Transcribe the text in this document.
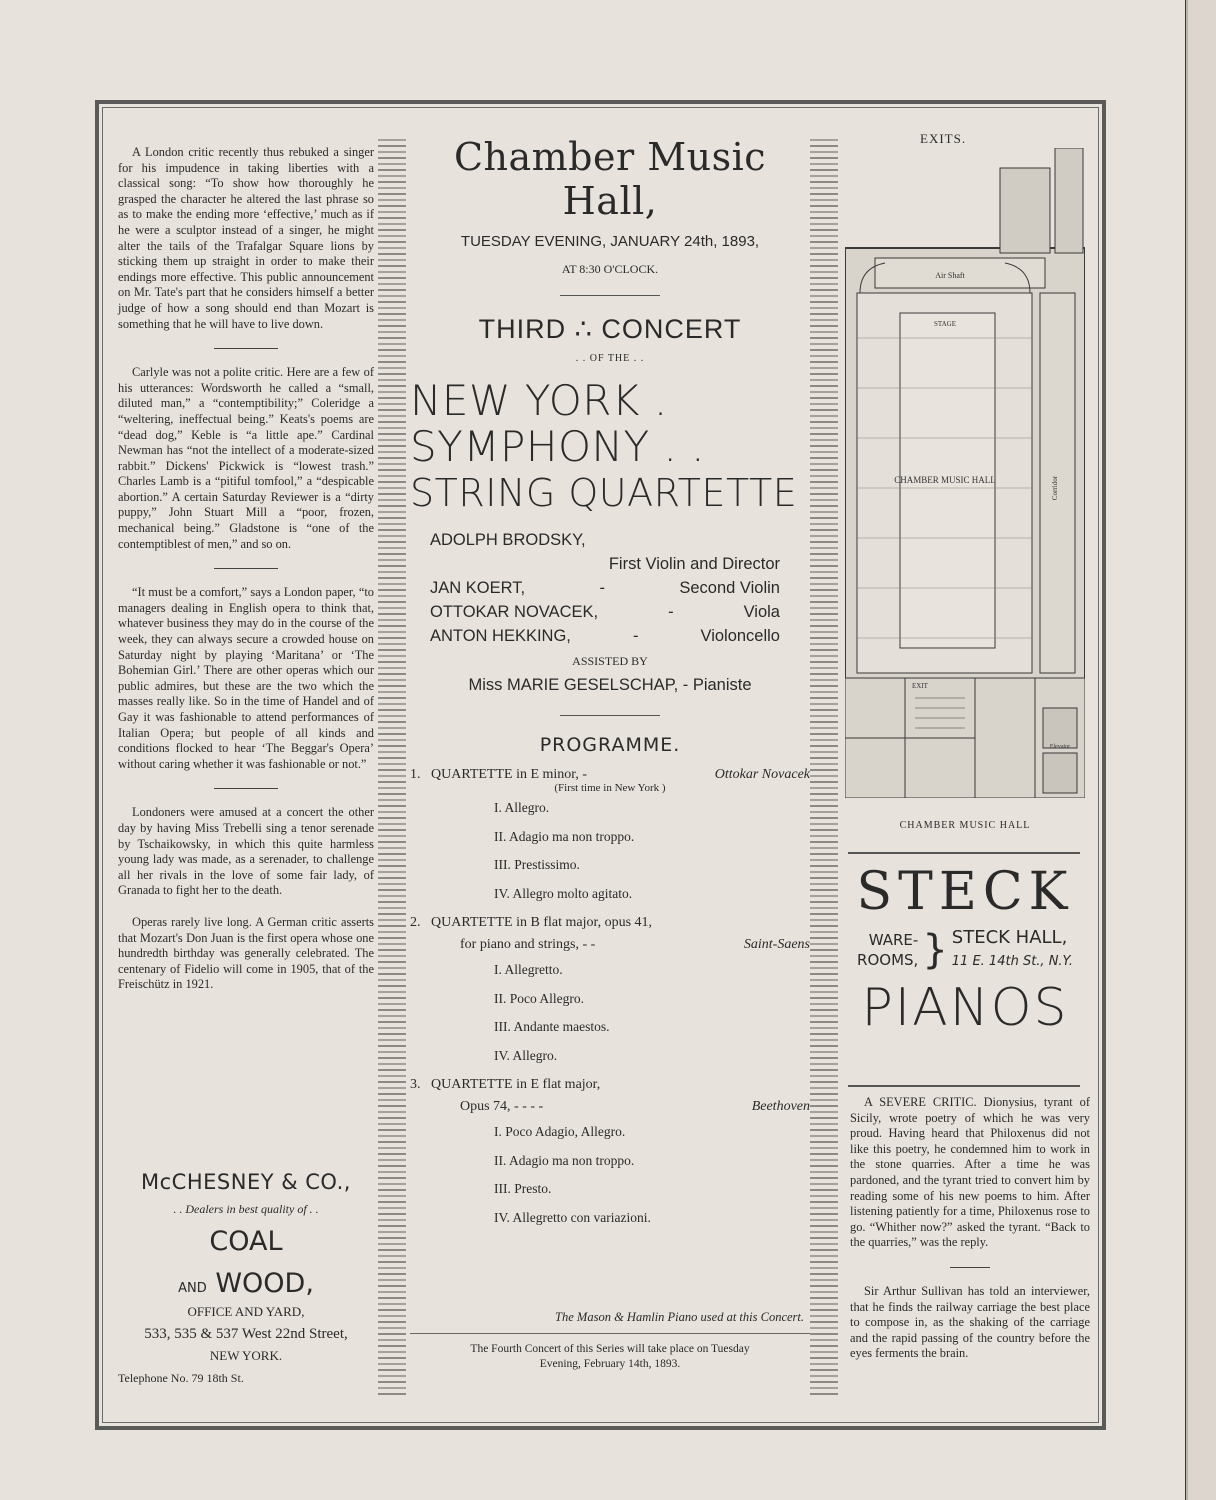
A London critic recently thus rebuked a singer for his impudence in taking liberties with a classical song: “To show how thoroughly he grasped the character he altered the last phrase so as to make the ending more ‘effective,’ much as if he were a sculptor instead of a singer, he might alter the tails of the Trafalgar Square lions by sticking them up straight in order to make their endings more effective. This public announcement on Mr. Tate's part that he considers himself a better judge of how a song should end than Mozart is something that he will have to live down.

Carlyle was not a polite critic. Here are a few of his utterances: Wordsworth he called a “small, diluted man,” a “contemptibility;” Coleridge a “weltering, ineffectual being.” Keats's poems are “dead dog,” Keble is “a little ape.” Cardinal Newman has “not the intellect of a moderate-sized rabbit.” Dickens' Pickwick is “lowest trash.” Charles Lamb is a “pitiful tomfool,” a “despicable abortion.” A certain Saturday Reviewer is a “dirty puppy,” John Stuart Mill a “poor, frozen, mechanical being.” Gladstone is “one of the contemptiblest of men,” and so on.

“It must be a comfort,” says a London paper, “to managers dealing in English opera to think that, whatever business they may do in the course of the week, they can always secure a crowded house on Saturday night by playing ‘Maritana’ or ‘The Bohemian Girl.’ There are other operas which our public admires, but these are the two which the masses really like. So in the time of Handel and of Gay it was fashionable to attend performances of Italian Opera; but people of all kinds and conditions flocked to hear ‘The Beggar's Opera’ without caring whether it was fashionable or not.”

Londoners were amused at a concert the other day by having Miss Trebelli sing a tenor serenade by Tschaikowsky, in which this quite harmless young lady was made, as a serenader, to challenge all her rivals in the love of some fair lady, of Granada to fight her to the death.

Operas rarely live long. A German critic asserts that Mozart's Don Juan is the first opera whose one hundredth birthday was generally celebrated. The centenary of Fidelio will come in 1905, that of the Freischütz in 1921.

McCHESNEY & CO.,
. . Dealers in best quality of . .
COAL
AND WOOD,
OFFICE AND YARD,
533, 535 & 537 West 22nd Street,
NEW YORK.
Telephone No. 79 18th St.
Chamber Music Hall,
TUESDAY EVENING, JANUARY 24th, 1893,
AT 8:30 O'CLOCK.
THIRD ∴ CONCERT
. . OF THE . .
NEW YORK .
SYMPHONY . .
STRING QUARTETTE
ADOLPH BRODSKY,
First Violin and Director
JAN KOERT,	-	Second Violin
OTTOKAR NOVACEK,	-	Viola
ANTON HEKKING,	-	Violoncello
ASSISTED BY
Miss MARIE GESELSCHAP, - Pianiste
PROGRAMME.
1. QUARTETTE in E minor, -	Ottokar Novacek
(First time in New York )
I. Allegro.
II. Adagio ma non troppo.
III. Prestissimo.
IV. Allegro molto agitato.
2. QUARTETTE in B flat major, opus 41,
for piano and strings, - -	Saint-Saens
I. Allegretto.
II. Poco Allegro.
III. Andante maestos.
IV. Allegro.
3. QUARTETTE in E flat major,
Opus 74, - - - -	Beethoven
I. Poco Adagio, Allegro.
II. Adagio ma non troppo.
III. Presto.
IV. Allegretto con variazioni.
The Mason & Hamlin Piano used at this Concert.
The Fourth Concert of this Series will take place on Tuesday
Evening, February 14th, 1893.
EXITS.
Air Shaft
STAGE
CHAMBER MUSIC HALL
EXIT
Elevator
Corridor
CHAMBER MUSIC HALL
STECK
WARE-
ROOMS, } STECK HALL,
11 E. 14th St., N.Y.
PIANOS

A SEVERE CRITIC. Dionysius, tyrant of Sicily, wrote poetry of which he was very proud. Having heard that Philoxenus did not like this poetry, he condemned him to work in the stone quarries. After a time he was pardoned, and the tyrant tried to convert him by reading some of his new poems to him. After listening patiently for a time, Philoxenus rose to go. “Whither now?” asked the tyrant. “Back to the quarries,” was the reply.

Sir Arthur Sullivan has told an interviewer, that he finds the railway carriage the best place to compose in, as the shaking of the carriage and the rapid passing of the country before the eyes ferments the brain.
